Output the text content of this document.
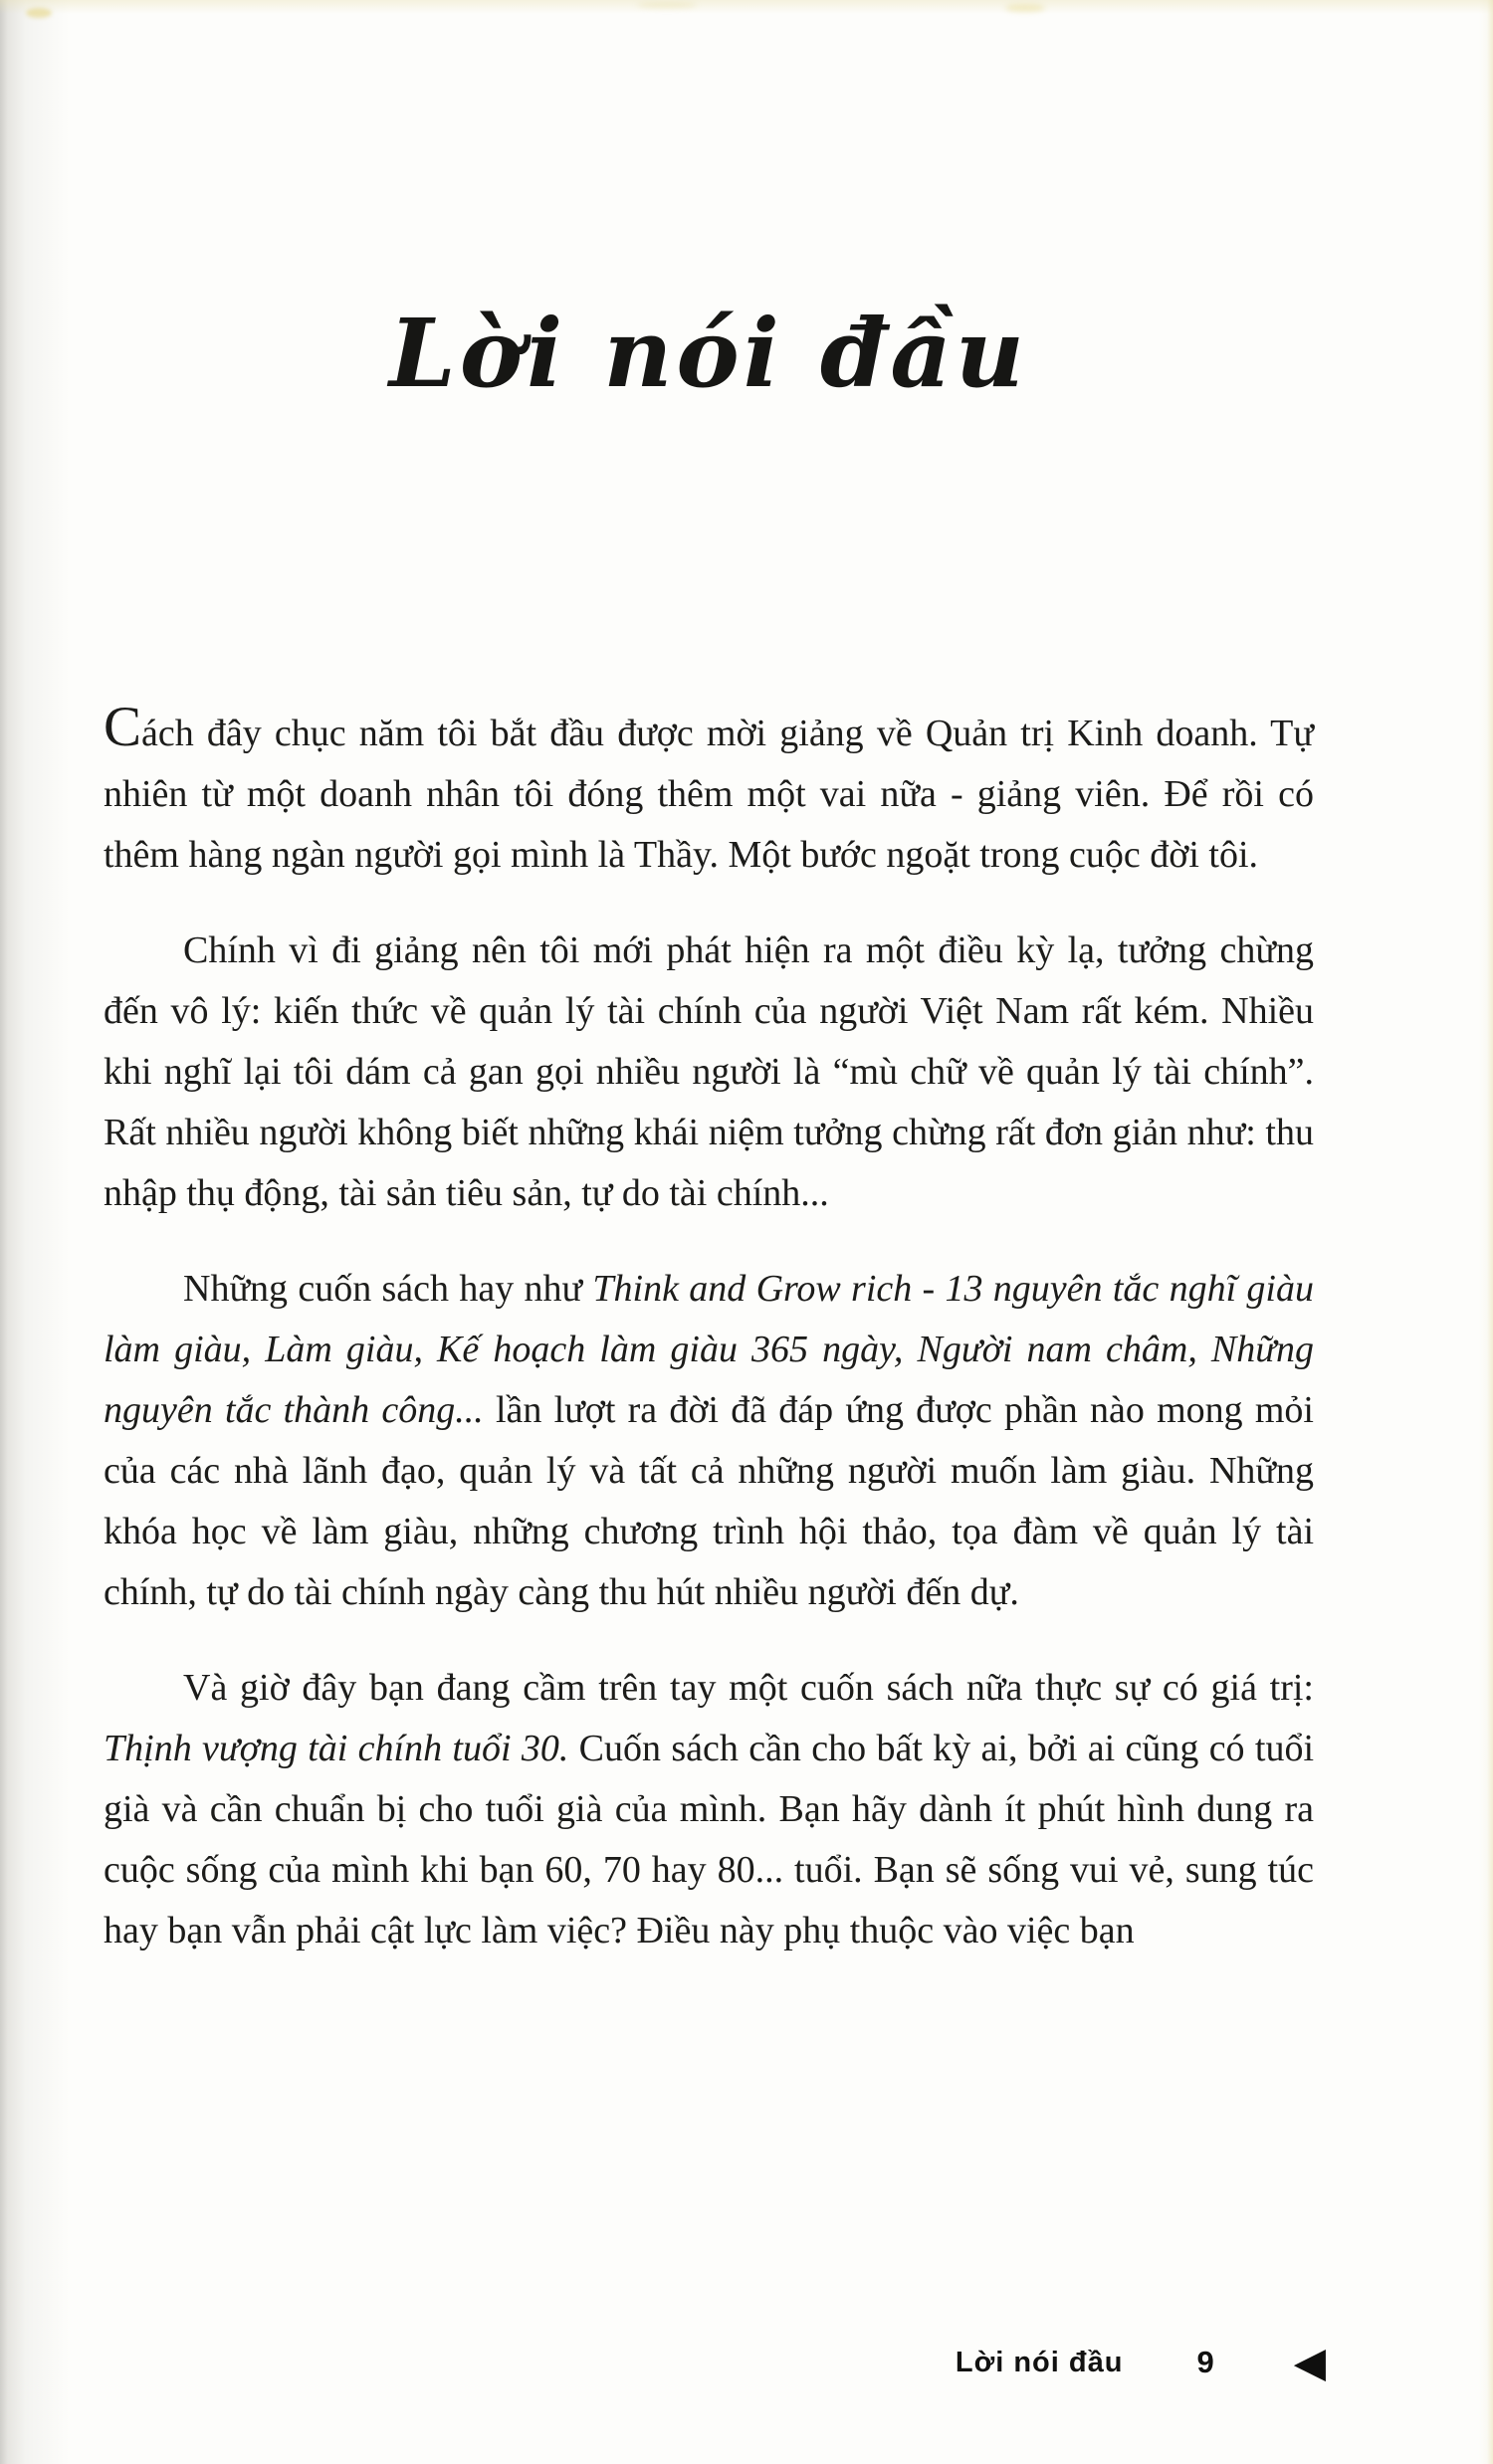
Lời nói đầu

Cách đây chục năm tôi bắt đầu được mời giảng về Quản trị Kinh doanh. Tự nhiên từ một doanh nhân tôi đóng thêm một vai nữa - giảng viên. Để rồi có thêm hàng ngàn người gọi mình là Thầy. Một bước ngoặt trong cuộc đời tôi.

Chính vì đi giảng nên tôi mới phát hiện ra một điều kỳ lạ, tưởng chừng đến vô lý: kiến thức về quản lý tài chính của người Việt Nam rất kém. Nhiều khi nghĩ lại tôi dám cả gan gọi nhiều người là “mù chữ về quản lý tài chính”. Rất nhiều người không biết những khái niệm tưởng chừng rất đơn giản như: thu nhập thụ động, tài sản tiêu sản, tự do tài chính...

Những cuốn sách hay như Think and Grow rich - 13 nguyên tắc nghĩ giàu làm giàu, Làm giàu, Kế hoạch làm giàu 365 ngày, Người nam châm, Những nguyên tắc thành công... lần lượt ra đời đã đáp ứng được phần nào mong mỏi của các nhà lãnh đạo, quản lý và tất cả những người muốn làm giàu. Những khóa học về làm giàu, những chương trình hội thảo, tọa đàm về quản lý tài chính, tự do tài chính ngày càng thu hút nhiều người đến dự.

Và giờ đây bạn đang cầm trên tay một cuốn sách nữa thực sự có giá trị: Thịnh vượng tài chính tuổi 30. Cuốn sách cần cho bất kỳ ai, bởi ai cũng có tuổi già và cần chuẩn bị cho tuổi già của mình. Bạn hãy dành ít phút hình dung ra cuộc sống của mình khi bạn 60, 70 hay 80... tuổi. Bạn sẽ sống vui vẻ, sung túc hay bạn vẫn phải cật lực làm việc? Điều này phụ thuộc vào việc bạn

Lời nói đầu 9 ◀
